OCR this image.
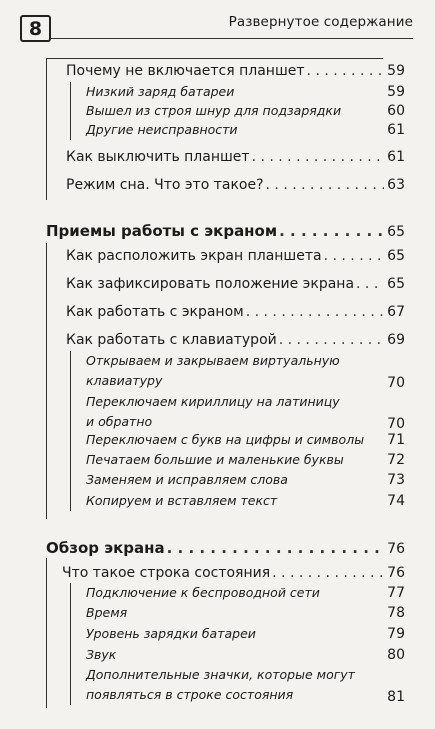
8	Развернутое содержание
Почему не включается планшет . . .	59
Низкий заряд батареи	59
Вышел из строя шнур для подзарядки	60
Другие неисправности	61
Как выключить планшет . . .	61
Режим сна. Что это такое? . . .	63
Приемы работы с экраном . . .	65
Как расположить экран планшета . . .	65
Как зафиксировать положение экрана . . . 65
Как работать с экраном . . .	67
Как работать с клавиатурой . . .	69
Открываем и закрываем виртуальную
клавиатуру	70
Переключаем кириллицу на латиницу
и обратно	70
Переключаем с букв на цифры и символы 71
Печатаем большие и маленькие буквы	72
Заменяем и исправляем слова	73
Копируем и вставляем текст	74
Обзор экрана . . .	76
Что такое строка состояния . . .	76
Подключение к беспроводной сети	77
Время	78
Уровень зарядки батареи	79
Звук	80
Дополнительные значки, которые могут
появляться в строке состояния	81
